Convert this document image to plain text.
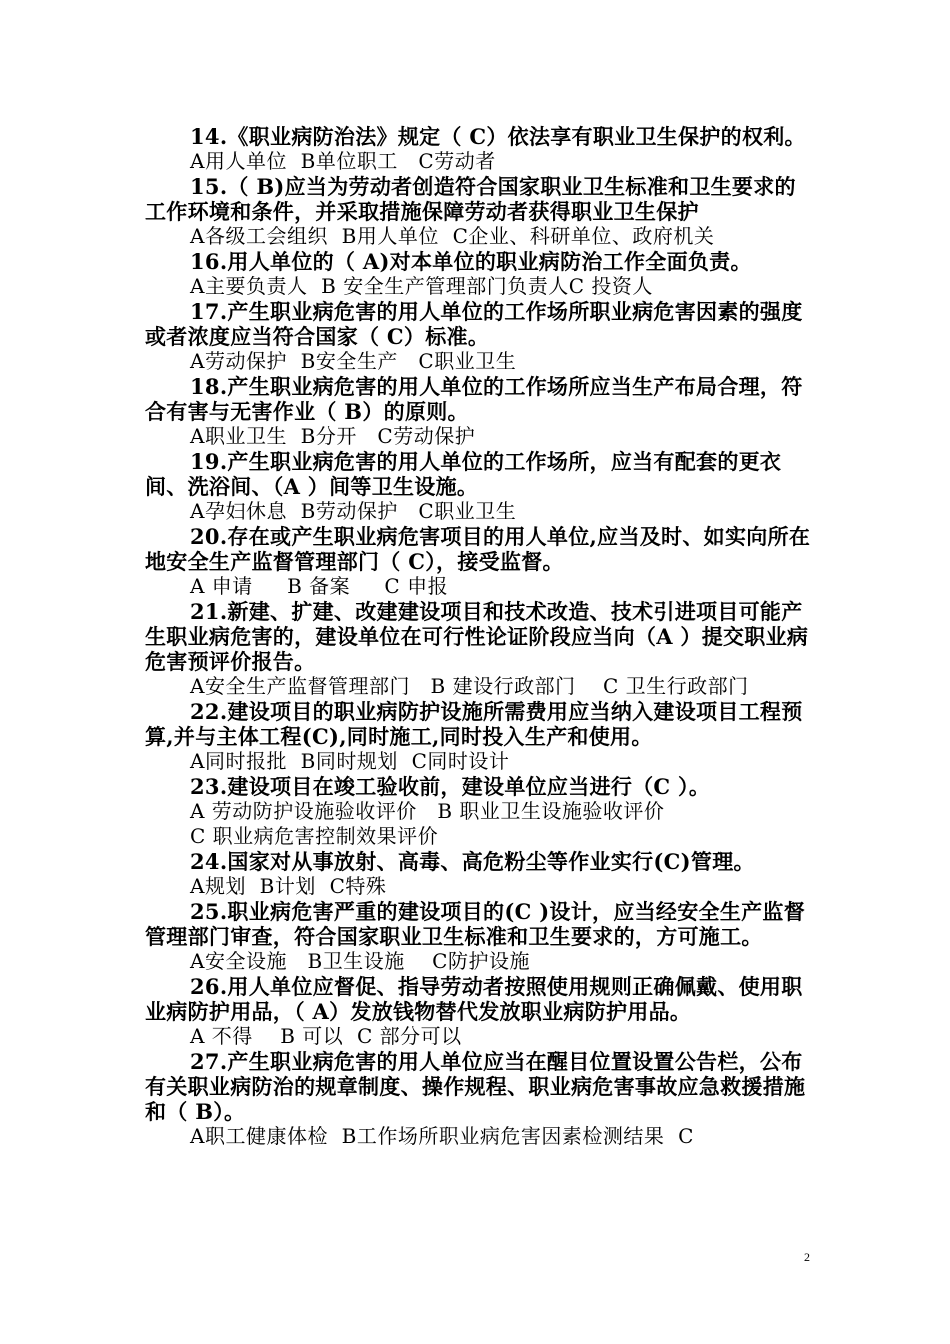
14.《职业病防治法》规定（ C）依法享有职业卫生保护的权利。

A用人单位  B单位职工   C劳动者

15.（ B)应当为劳动者创造符合国家职业卫生标准和卫生要求的工作环境和条件，并采取措施保障劳动者获得职业卫生保护

A各级工会组织  B用人单位  C企业、科研单位、政府机关

16.用人单位的（ A)对本单位的职业病防治工作全面负责。

A主要负责人  B 安全生产管理部门负责人C 投资人

17.产生职业病危害的用人单位的工作场所职业病危害因素的强度或者浓度应当符合国家（ C）标准。

A劳动保护  B安全生产   C职业卫生

18.产生职业病危害的用人单位的工作场所应当生产布局合理，符合有害与无害作业（ B）的原则。

A职业卫生  B分开   C劳动保护

19.产生职业病危害的用人单位的工作场所，应当有配套的更衣间、洗浴间、（A ）间等卫生设施。

A孕妇休息  B劳动保护   C职业卫生

20.存在或产生职业病危害项目的用人单位,应当及时、如实向所在地安全生产监督管理部门（ C），接受监督。

A 申请     B 备案     C 申报

21.新建、扩建、改建建设项目和技术改造、技术引进项目可能产生职业病危害的，建设单位在可行性论证阶段应当向（A ）提交职业病危害预评价报告。

A安全生产监督管理部门   B 建设行政部门    C 卫生行政部门

22.建设项目的职业病防护设施所需费用应当纳入建设项目工程预算,并与主体工程(C),同时施工,同时投入生产和使用。

A同时报批  B同时规划  C同时设计

23.建设项目在竣工验收前，建设单位应当进行（C ）。

A 劳动防护设施验收评价   B 职业卫生设施验收评价

C 职业病危害控制效果评价

24.国家对从事放射、高毒、高危粉尘等作业实行(C)管理。

A规划  B计划  C特殊

25.职业病危害严重的建设项目的(C )设计，应当经安全生产监督管理部门审查，符合国家职业卫生标准和卫生要求的，方可施工。

A安全设施   B卫生设施    C防护设施

26.用人单位应督促、指导劳动者按照使用规则正确佩戴、使用职业病防护用品，（ A）发放钱物替代发放职业病防护用品。

A 不得    B 可以  C 部分可以

27.产生职业病危害的用人单位应当在醒目位置设置公告栏，公布有关职业病防治的规章制度、操作规程、职业病危害事故应急救援措施和（ B）。

A职工健康体检  B工作场所职业病危害因素检测结果  C

2
